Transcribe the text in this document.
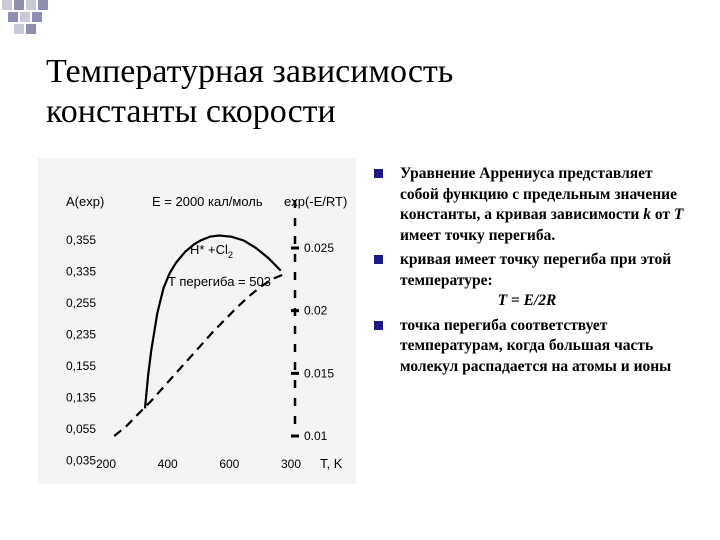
Температурная зависимость
константы скорости
0,355
0,335
0,255
0,235
0,155
0,135
0,055
0,035
0.025
0.02
0.015
0.01
200	400	600	300
A(exp)	E = 2000 кал/моль exp(-E/RT)
$H* +Cl_2$
T перегиба = 503
T, K
Уравнение Аррениуса представляет собой функцию с предельным значение константы, а кривая зависимости k от T имеет точку перегиба.
кривая имеет точку перегиба при этой температуре:
T = E/2R
точка перегиба соответствует температурам, когда большая часть молекул распадается на атомы и ионы
